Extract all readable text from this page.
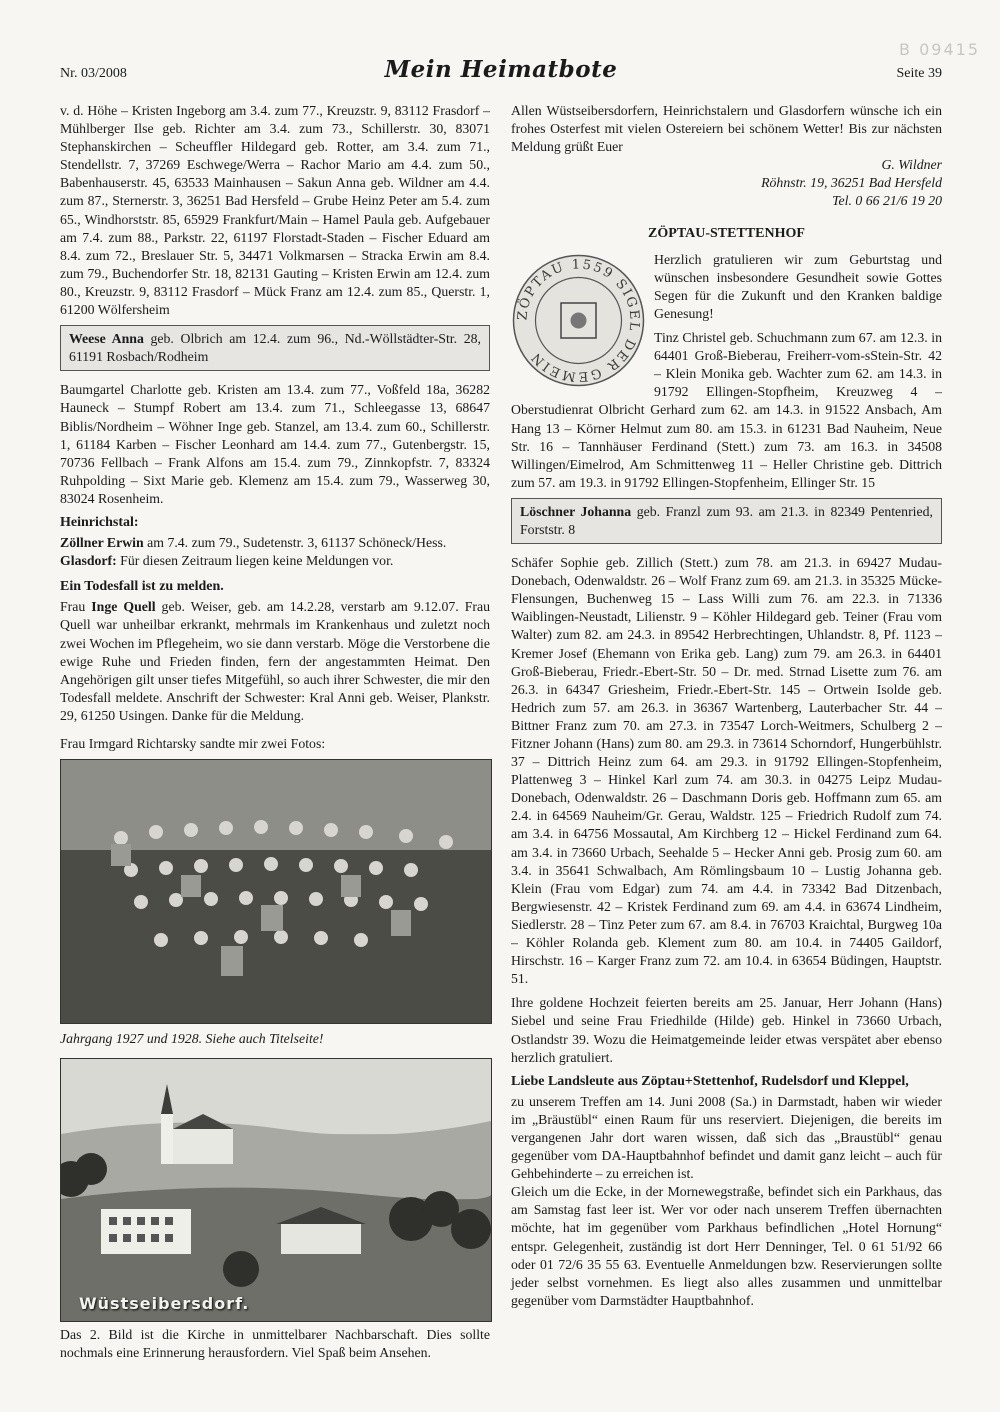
Nr. 03/2008	Mein Heimatbote	Seite 39
B 09415

v. d. Höhe – Kristen Ingeborg am 3.4. zum 77., Kreuzstr. 9, 83112 Frasdorf – Mühlberger Ilse geb. Richter am 3.4. zum 73., Schillerstr. 30, 83071 Stephanskirchen – Scheuffler Hildegard geb. Rotter, am 3.4. zum 71., Stendellstr. 7, 37269 Eschwege/Werra – Rachor Mario am 4.4. zum 50., Babenhauserstr. 45, 63533 Mainhausen – Sakun Anna geb. Wildner am 4.4. zum 87., Sternerstr. 3, 36251 Bad Hersfeld – Grube Heinz Peter am 5.4. zum 65., Windhorststr. 85, 65929 Frankfurt/Main – Hamel Paula geb. Aufgebauer am 7.4. zum 88., Parkstr. 22, 61197 Florstadt-Staden – Fischer Eduard am 8.4. zum 72., Breslauer Str. 5, 34471 Volkmarsen – Stracka Erwin am 8.4. zum 79., Buchendorfer Str. 18, 82131 Gauting – Kristen Erwin am 12.4. zum 80., Kreuzstr. 9, 83112 Frasdorf – Mück Franz am 12.4. zum 85., Querstr. 1, 61200 Wölfersheim

Weese Anna geb. Olbrich am 12.4. zum 96., Nd.-Wöllstädter-Str. 28, 61191 Rosbach/Rodheim

Baumgartel Charlotte geb. Kristen am 13.4. zum 77., Voßfeld 18a, 36282 Hauneck – Stumpf Robert am 13.4. zum 71., Schleegasse 13, 68647 Biblis/Nordheim – Wöhner Inge geb. Stanzel, am 13.4. zum 60., Schillerstr. 1, 61184 Karben – Fischer Leonhard am 14.4. zum 77., Gutenbergstr. 15, 70736 Fellbach – Frank Alfons am 15.4. zum 79., Zinnkopfstr. 7, 83324 Ruhpolding – Sixt Marie geb. Klemenz am 15.4. zum 79., Wasserweg 30, 83024 Rosenheim.

Heinrichstal:

Zöllner Erwin am 7.4. zum 79., Sudetenstr. 3, 61137 Schöneck/Hess.
Glasdorf: Für diesen Zeitraum liegen keine Meldungen vor.

Ein Todesfall ist zu melden.

Frau Inge Quell geb. Weiser, geb. am 14.2.28, verstarb am 9.12.07. Frau Quell war unheilbar erkrankt, mehrmals im Krankenhaus und zuletzt noch zwei Wochen im Pflegeheim, wo sie dann verstarb. Möge die Verstorbene die ewige Ruhe und Frieden finden, fern der angestammten Heimat. Den Angehörigen gilt unser tiefes Mitgefühl, so auch ihrer Schwester, die mir den Todesfall meldete. Anschrift der Schwester: Kral Anni geb. Weiser, Plankstr. 29, 61250 Usingen. Danke für die Meldung.

Frau Irmgard Richtarsky sandte mir zwei Fotos:

Jahrgang 1927 und 1928. Siehe auch Titelseite!

Wüstseibersdorf.

Das 2. Bild ist die Kirche in unmittelbarer Nachbarschaft. Dies sollte nochmals eine Erinnerung herausfordern. Viel Spaß beim Ansehen.

Allen Wüstseibersdorfern, Heinrichstalern und Glasdorfern wünsche ich ein frohes Osterfest mit vielen Ostereiern bei schönem Wetter! Bis zur nächsten Meldung grüßt Euer

G. Wildner

Röhnstr. 19, 36251 Bad Hersfeld

Tel. 0 66 21/6 19 20

ZÖPTAU-STETTENHOF
ZÖPTAU 1559 SIGEL DER GEMEIN

Herzlich gratulieren wir zum Geburtstag und wünschen insbesondere Gesundheit sowie Gottes Segen für die Zukunft und den Kranken baldige Genesung!

Tinz Christel geb. Schuchmann zum 67. am 12.3. in 64401 Groß-Bieberau, Freiherr-vom-sStein-Str. 42 – Klein Monika geb. Wachter zum 62. am 14.3. in 91792 Ellingen-Stopfheim, Kreuzweg 4 – Oberstudienrat Olbricht Gerhard zum 62. am 14.3. in 91522 Ansbach, Am Hang 13 – Körner Helmut zum 80. am 15.3. in 61231 Bad Nauheim, Neue Str. 16 – Tannhäuser Ferdinand (Stett.) zum 73. am 16.3. in 34508 Willingen/Eimelrod, Am Schmittenweg 11 – Heller Christine geb. Dittrich zum 57. am 19.3. in 91792 Ellingen-Stopfenheim, Ellinger Str. 15

Löschner Johanna geb. Franzl zum 93. am 21.3. in 82349 Pentenried, Forststr. 8

Schäfer Sophie geb. Zillich (Stett.) zum 78. am 21.3. in 69427 Mudau-Donebach, Odenwaldstr. 26 – Wolf Franz zum 69. am 21.3. in 35325 Mücke-Flensungen, Buchenweg 15 – Lass Willi zum 76. am 22.3. in 71336 Waiblingen-Neustadt, Lilienstr. 9 – Köhler Hildegard geb. Teiner (Frau vom Walter) zum 82. am 24.3. in 89542 Herbrechtingen, Uhlandstr. 8, Pf. 1123 – Kremer Josef (Ehemann von Erika geb. Lang) zum 79. am 26.3. in 64401 Groß-Bieberau, Friedr.-Ebert-Str. 50 – Dr. med. Strnad Lisette zum 76. am 26.3. in 64347 Griesheim, Friedr.-Ebert-Str. 145 – Ortwein Isolde geb. Hedrich zum 57. am 26.3. in 36367 Wartenberg, Lauterbacher Str. 44 – Bittner Franz zum 70. am 27.3. in 73547 Lorch-Weitmers, Schulberg 2 – Fitzner Johann (Hans) zum 80. am 29.3. in 73614 Schorndorf, Hungerbühlstr. 37 – Dittrich Heinz zum 64. am 29.3. in 91792 Ellingen-Stopfenheim, Plattenweg 3 – Hinkel Karl zum 74. am 30.3. in 04275 Leipz Mudau-Donebach, Odenwaldstr. 26 – Daschmann Doris geb. Hoffmann zum 65. am 2.4. in 64569 Nauheim/Gr. Gerau, Waldstr. 125 – Friedrich Rudolf zum 74. am 3.4. in 64756 Mossautal, Am Kirchberg 12 – Hickel Ferdinand zum 64. am 3.4. in 73660 Urbach, Seehalde 5 – Hecker Anni geb. Prosig zum 60. am 3.4. in 35641 Schwalbach, Am Römlingsbaum 10 – Lustig Johanna geb. Klein (Frau vom Edgar) zum 74. am 4.4. in 73342 Bad Ditzenbach, Bergwiesenstr. 42 – Kristek Ferdinand zum 69. am 4.4. in 63674 Lindheim, Siedlerstr. 28 – Tinz Peter zum 67. am 8.4. in 76703 Kraichtal, Burgweg 10a – Köhler Rolanda geb. Klement zum 80. am 10.4. in 74405 Gaildorf, Hirschstr. 16 – Karger Franz zum 72. am 10.4. in 63654 Büdingen, Hauptstr. 51.

Ihre goldene Hochzeit feierten bereits am 25. Januar, Herr Johann (Hans) Siebel und seine Frau Friedhilde (Hilde) geb. Hinkel in 73660 Urbach, Ostlandstr 39. Wozu die Heimatgemeinde leider etwas verspätet aber ebenso herzlich gratuliert.

Liebe Landsleute aus Zöptau+Stettenhof, Rudelsdorf und Kleppel,

zu unserem Treffen am 14. Juni 2008 (Sa.) in Darmstadt, haben wir wieder im „Bräustübl“ einen Raum für uns reserviert. Diejenigen, die bereits im vergangenen Jahr dort waren wissen, daß sich das „Braustübl“ genau gegenüber vom DA-Hauptbahnhof befindet und damit ganz leicht – auch für Gehbehinderte – zu erreichen ist.

Gleich um die Ecke, in der Mornewegstraße, befindet sich ein Parkhaus, das am Samstag fast leer ist. Wer vor oder nach unserem Treffen übernachten möchte, hat im gegenüber vom Parkhaus befindlichen „Hotel Hornung“ entspr. Gelegenheit, zuständig ist dort Herr Denninger, Tel. 0 61 51/92 66 oder 01 72/6 35 55 63. Eventuelle Anmeldungen bzw. Reservierungen sollte jeder selbst vornehmen. Es liegt also alles zusammen und unmittelbar gegenüber vom Darmstädter Hauptbahnhof.
